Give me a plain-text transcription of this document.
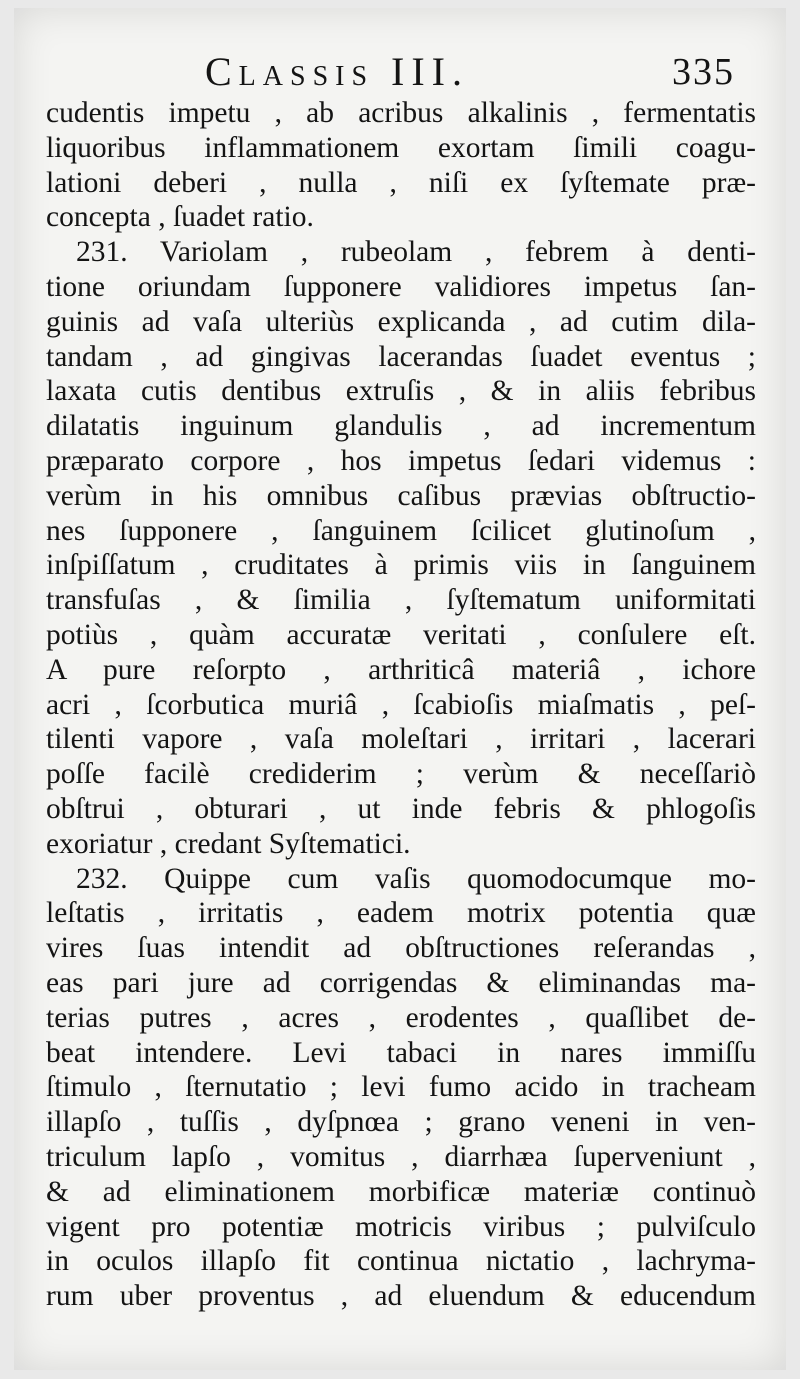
Classis III.	335
cudentis impetu , ab acribus alkalinis , fermentatis
liquoribus inflammationem exortam ſimili coagu-
lationi deberi , nulla , niſi ex ſyſtemate præ-
concepta , ſuadet ratio.
231. Variolam , rubeolam , febrem à denti-
tione oriundam ſupponere validiores impetus ſan-
guinis ad vaſa ulteriùs explicanda , ad cutim dila-
tandam , ad gingivas lacerandas ſuadet eventus ;
laxata cutis dentibus extruſis , & in aliis febribus
dilatatis inguinum glandulis , ad incrementum
præparato corpore , hos impetus ſedari videmus :
verùm in his omnibus caſibus prævias obſtructio-
nes ſupponere , ſanguinem ſcilicet glutinoſum ,
inſpiſſatum , cruditates à primis viis in ſanguinem
transfuſas , & ſimilia , ſyſtematum uniformitati
potiùs , quàm accuratæ veritati , conſulere eſt.
A pure reſorpto , arthriticâ materiâ , ichore
acri , ſcorbutica muriâ , ſcabioſis miaſmatis , peſ-
tilenti vapore , vaſa moleſtari , irritari , lacerari
poſſe facilè crediderim ; verùm & neceſſariò
obſtrui , obturari , ut inde febris & phlogoſis
exoriatur , credant Syſtematici.
232. Quippe cum vaſis quomodocumque mo-
leſtatis , irritatis , eadem motrix potentia quæ
vires ſuas intendit ad obſtructiones reſerandas ,
eas pari jure ad corrigendas & eliminandas ma-
terias putres , acres , erodentes , quaſlibet de-
beat intendere. Levi tabaci in nares immiſſu
ſtimulo , ſternutatio ; levi fumo acido in tracheam
illapſo , tuſſis , dyſpnœa ; grano veneni in ven-
triculum lapſo , vomitus , diarrhæa ſuperveniunt ,
& ad eliminationem morbificæ materiæ continuò
vigent pro potentiæ motricis viribus ; pulviſculo
in oculos illapſo fit continua nictatio , lachryma-
rum uber proventus , ad eluendum & educendum
